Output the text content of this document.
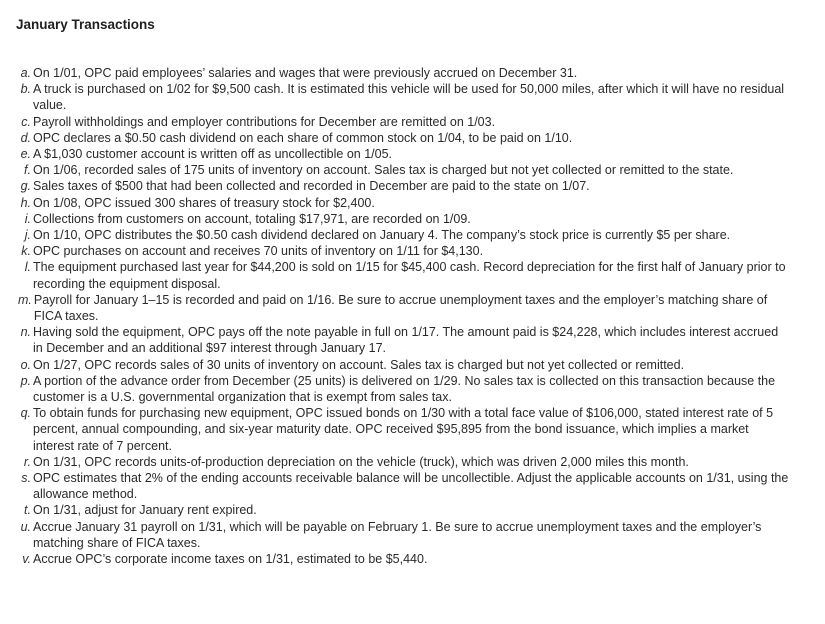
January Transactions
a. On 1/01, OPC paid employees’ salaries and wages that were previously accrued on December 31.
b. A truck is purchased on 1/02 for $9,500 cash. It is estimated this vehicle will be used for 50,000 miles, after which it will have no residual value.
c. Payroll withholdings and employer contributions for December are remitted on 1/03.
d. OPC declares a $0.50 cash dividend on each share of common stock on 1/04, to be paid on 1/10.
e. A $1,030 customer account is written off as uncollectible on 1/05.
f. On 1/06, recorded sales of 175 units of inventory on account. Sales tax is charged but not yet collected or remitted to the state.
g. Sales taxes of $500 that had been collected and recorded in December are paid to the state on 1/07.
h. On 1/08, OPC issued 300 shares of treasury stock for $2,400.
i. Collections from customers on account, totaling $17,971, are recorded on 1/09.
j. On 1/10, OPC distributes the $0.50 cash dividend declared on January 4. The company’s stock price is currently $5 per share.
k. OPC purchases on account and receives 70 units of inventory on 1/11 for $4,130.
l. The equipment purchased last year for $44,200 is sold on 1/15 for $45,400 cash. Record depreciation for the first half of January prior to recording the equipment disposal.
m. Payroll for January 1–15 is recorded and paid on 1/16. Be sure to accrue unemployment taxes and the employer’s matching share of FICA taxes.
n. Having sold the equipment, OPC pays off the note payable in full on 1/17. The amount paid is $24,228, which includes interest accrued in December and an additional $97 interest through January 17.
o. On 1/27, OPC records sales of 30 units of inventory on account. Sales tax is charged but not yet collected or remitted.
p. A portion of the advance order from December (25 units) is delivered on 1/29. No sales tax is collected on this transaction because the customer is a U.S. governmental organization that is exempt from sales tax.
q. To obtain funds for purchasing new equipment, OPC issued bonds on 1/30 with a total face value of $106,000, stated interest rate of 5 percent, annual compounding, and six-year maturity date. OPC received $95,895 from the bond issuance, which implies a market interest rate of 7 percent.
r. On 1/31, OPC records units-of-production depreciation on the vehicle (truck), which was driven 2,000 miles this month.
s. OPC estimates that 2% of the ending accounts receivable balance will be uncollectible. Adjust the applicable accounts on 1/31, using the allowance method.
t. On 1/31, adjust for January rent expired.
u. Accrue January 31 payroll on 1/31, which will be payable on February 1. Be sure to accrue unemployment taxes and the employer’s matching share of FICA taxes.
v. Accrue OPC’s corporate income taxes on 1/31, estimated to be $5,440.
